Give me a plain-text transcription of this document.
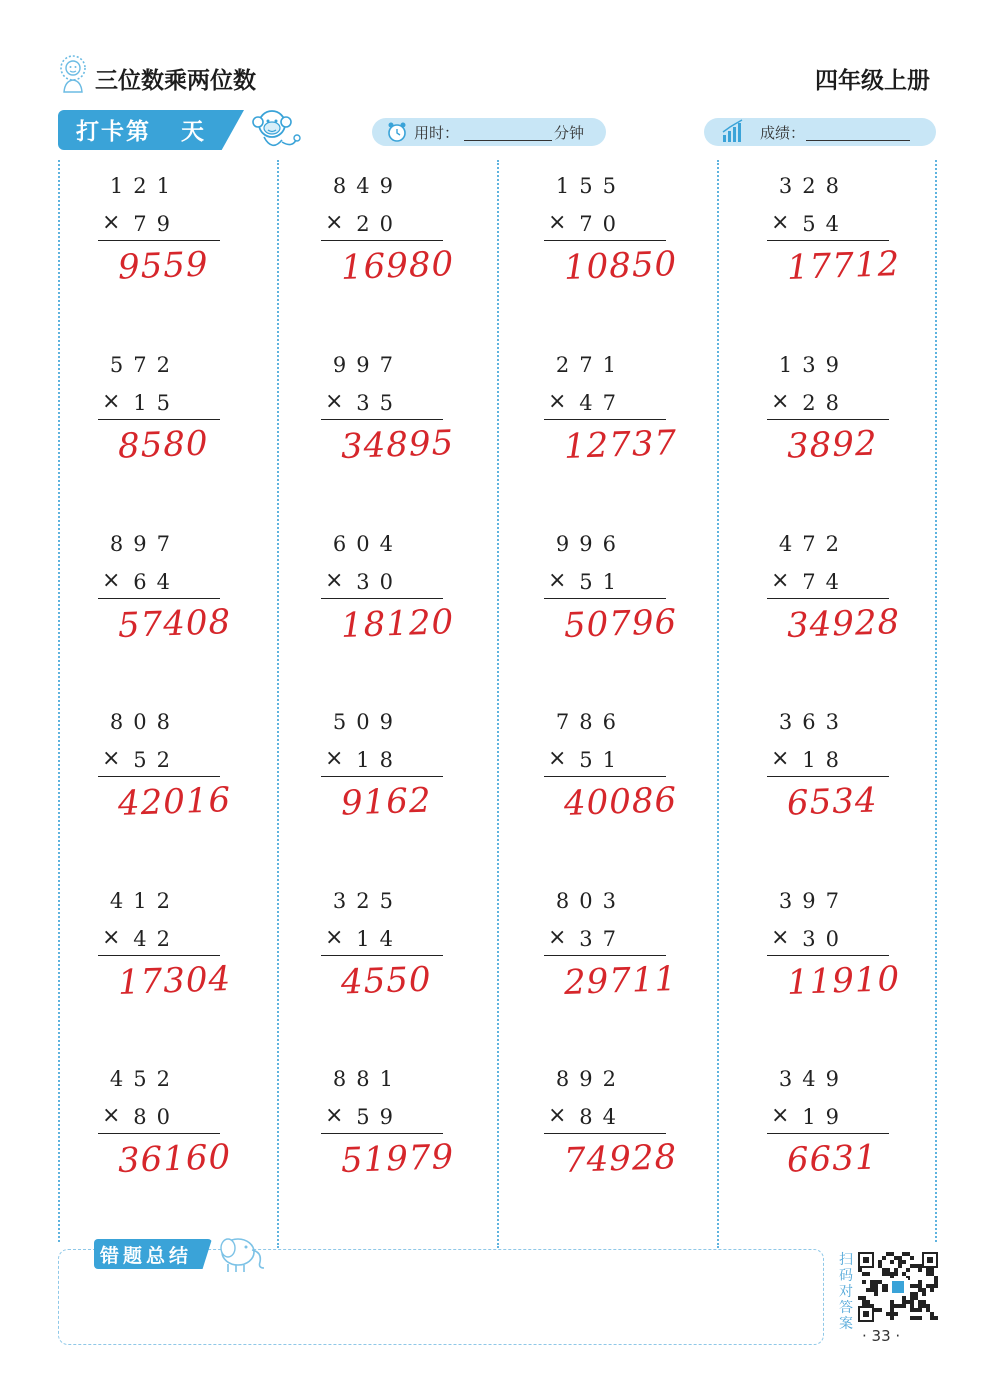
三位数乘两位数	四年级上册
打卡第 天	用时：	分钟	成绩：
121
× 79
9559
849
× 20
16980
155
× 70
10850
328
× 54
17712
572
× 15
8580
997
× 35
34895
271
× 47
12737
139
× 28
3892
897
× 64
57408
604
× 30
18120
996
× 51
50796
472
× 74
34928
808
× 52
42016
509
× 18
9162
786
× 51
40086
363
× 18
6534
412
× 42
17304
325
× 14
4550
803
× 37
29711
397
× 30
11910
452
× 80
36160
881
× 59
51979
892
× 84
74928
349
× 19
6631
错题总结	扫码对答案
· 33 ·
